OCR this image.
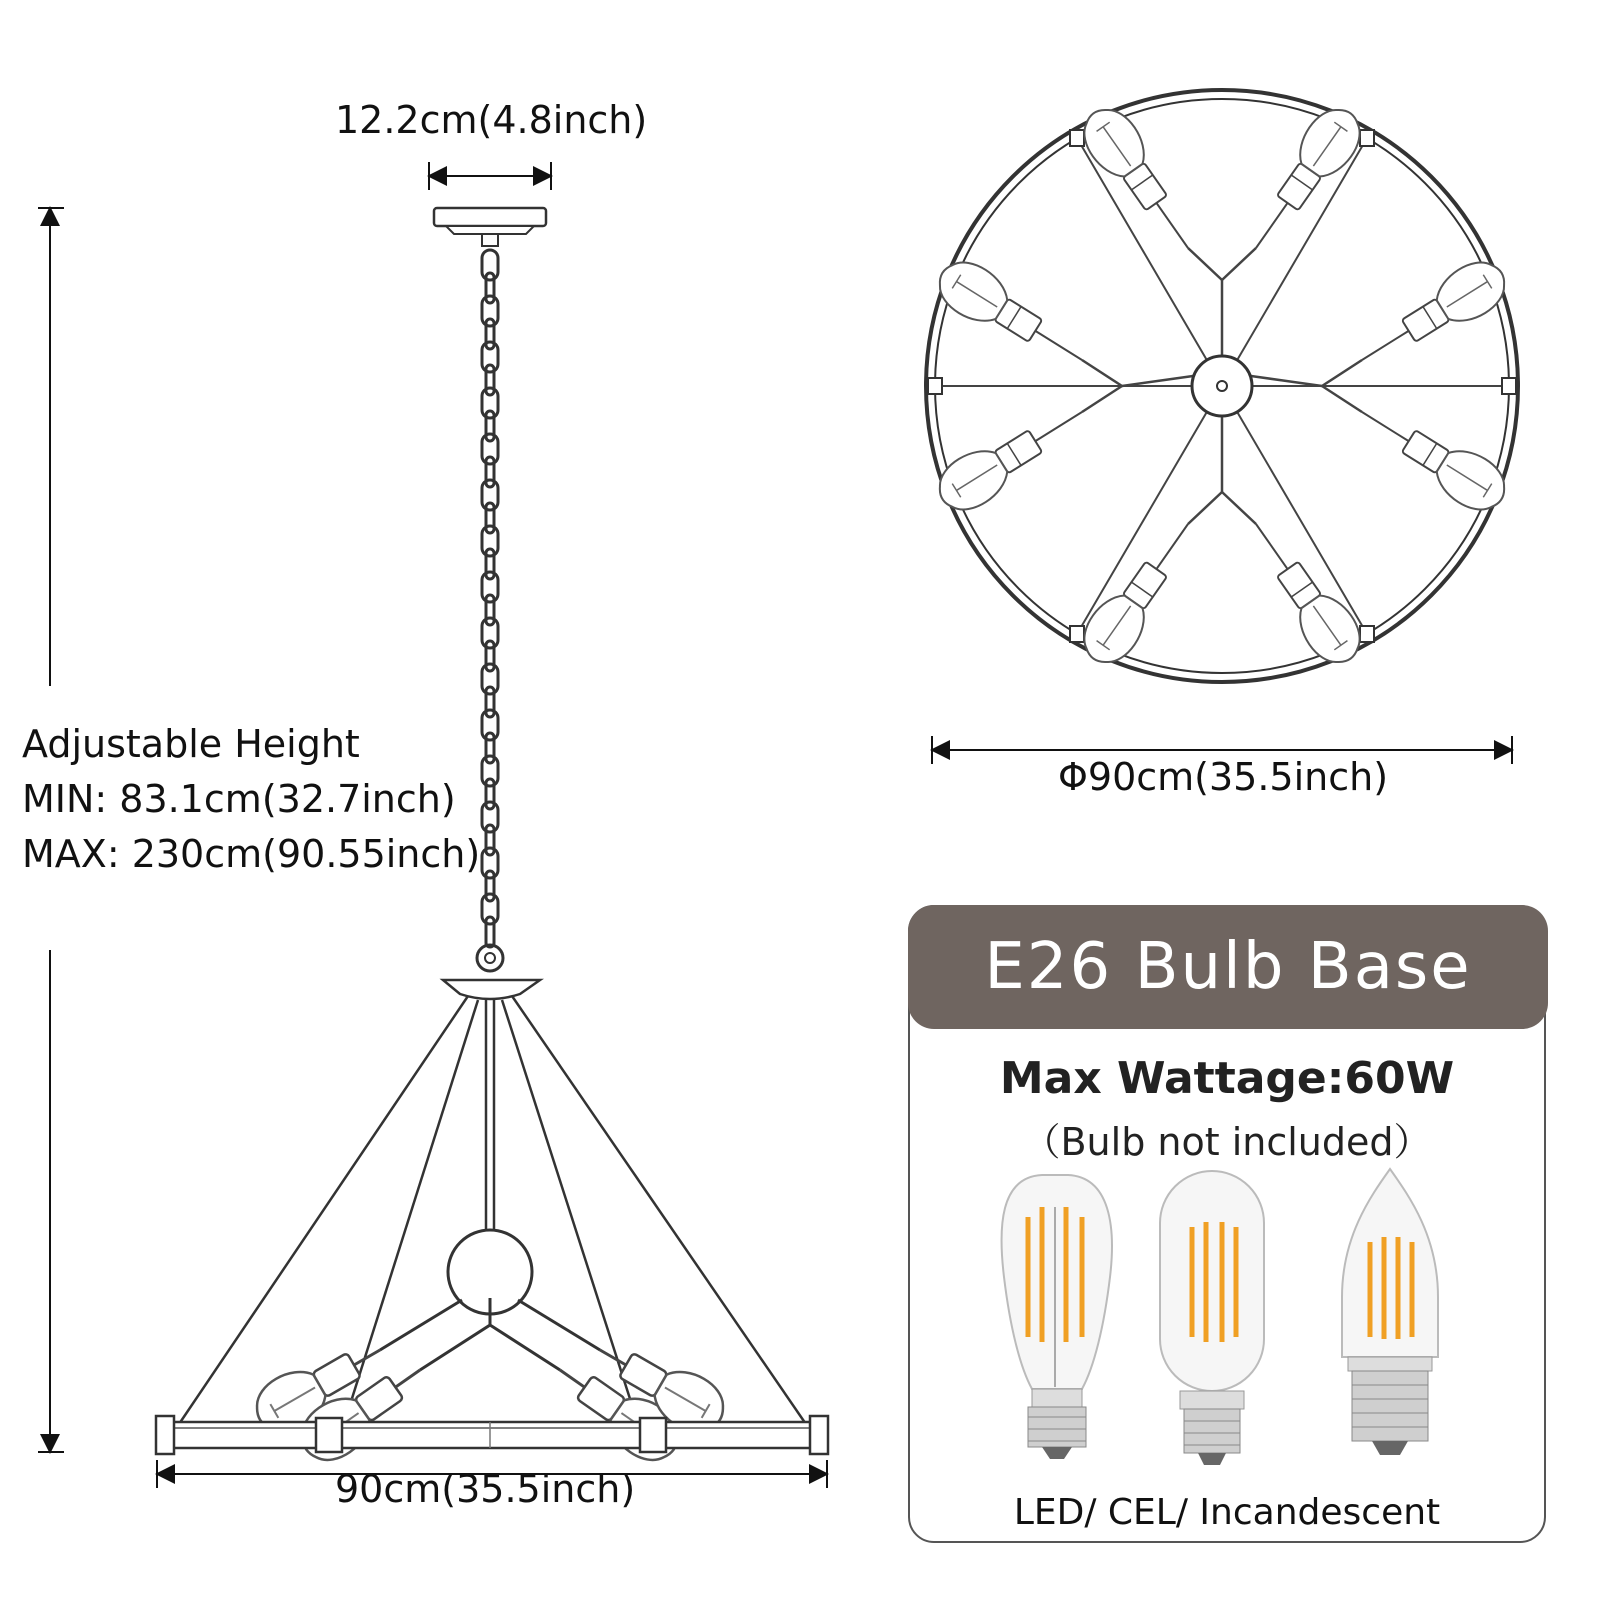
12.2cm(4.8inch)
Adjustable Height
MIN: 83.1cm(32.7inch)
MAX: 230cm(90.55inch)
90cm(35.5inch)
Φ90cm(35.5inch)
E26 Bulb Base
Max Wattage:60W
（Bulb not included）
LED/ CEL/ Incandescent
